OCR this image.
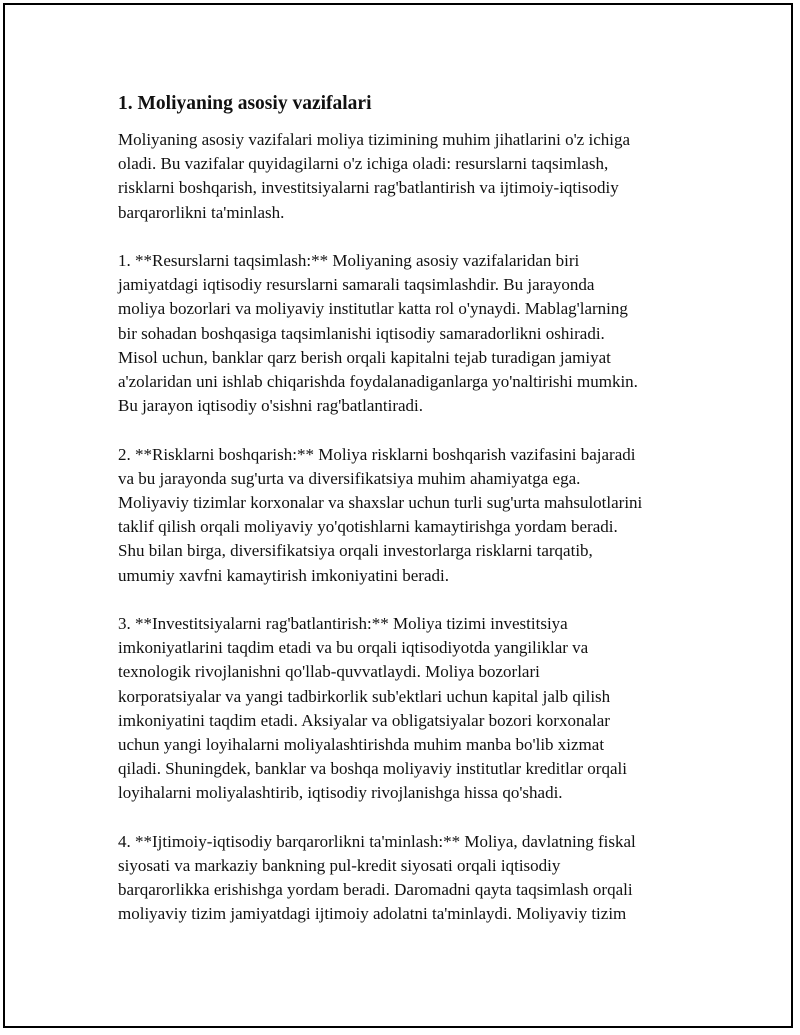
1. Moliyaning asosiy vazifalari

Moliyaning asosiy vazifalari moliya tizimining muhim jihatlarini o'z ichiga
oladi. Bu vazifalar quyidagilarni o'z ichiga oladi: resurslarni taqsimlash,
risklarni boshqarish, investitsiyalarni rag'batlantirish va ijtimoiy-iqtisodiy
barqarorlikni ta'minlash.

1. **Resurslarni taqsimlash:** Moliyaning asosiy vazifalaridan biri
jamiyatdagi iqtisodiy resurslarni samarali taqsimlashdir. Bu jarayonda
moliya bozorlari va moliyaviy institutlar katta rol o'ynaydi. Mablag'larning
bir sohadan boshqasiga taqsimlanishi iqtisodiy samaradorlikni oshiradi.
Misol uchun, banklar qarz berish orqali kapitalni tejab turadigan jamiyat
a'zolaridan uni ishlab chiqarishda foydalanadiganlarga yo'naltirishi mumkin.
Bu jarayon iqtisodiy o'sishni rag'batlantiradi.

2. **Risklarni boshqarish:** Moliya risklarni boshqarish vazifasini bajaradi
va bu jarayonda sug'urta va diversifikatsiya muhim ahamiyatga ega.
Moliyaviy tizimlar korxonalar va shaxslar uchun turli sug'urta mahsulotlarini
taklif qilish orqali moliyaviy yo'qotishlarni kamaytirishga yordam beradi.
Shu bilan birga, diversifikatsiya orqali investorlarga risklarni tarqatib,
umumiy xavfni kamaytirish imkoniyatini beradi.

3. **Investitsiyalarni rag'batlantirish:** Moliya tizimi investitsiya
imkoniyatlarini taqdim etadi va bu orqali iqtisodiyotda yangiliklar va
texnologik rivojlanishni qo'llab-quvvatlaydi. Moliya bozorlari
korporatsiyalar va yangi tadbirkorlik sub'ektlari uchun kapital jalb qilish
imkoniyatini taqdim etadi. Aksiyalar va obligatsiyalar bozori korxonalar
uchun yangi loyihalarni moliyalashtirishda muhim manba bo'lib xizmat
qiladi. Shuningdek, banklar va boshqa moliyaviy institutlar kreditlar orqali
loyihalarni moliyalashtirib, iqtisodiy rivojlanishga hissa qo'shadi.

4. **Ijtimoiy-iqtisodiy barqarorlikni ta'minlash:** Moliya, davlatning fiskal
siyosati va markaziy bankning pul-kredit siyosati orqali iqtisodiy
barqarorlikka erishishga yordam beradi. Daromadni qayta taqsimlash orqali
moliyaviy tizim jamiyatdagi ijtimoiy adolatni ta'minlaydi. Moliyaviy tizim
